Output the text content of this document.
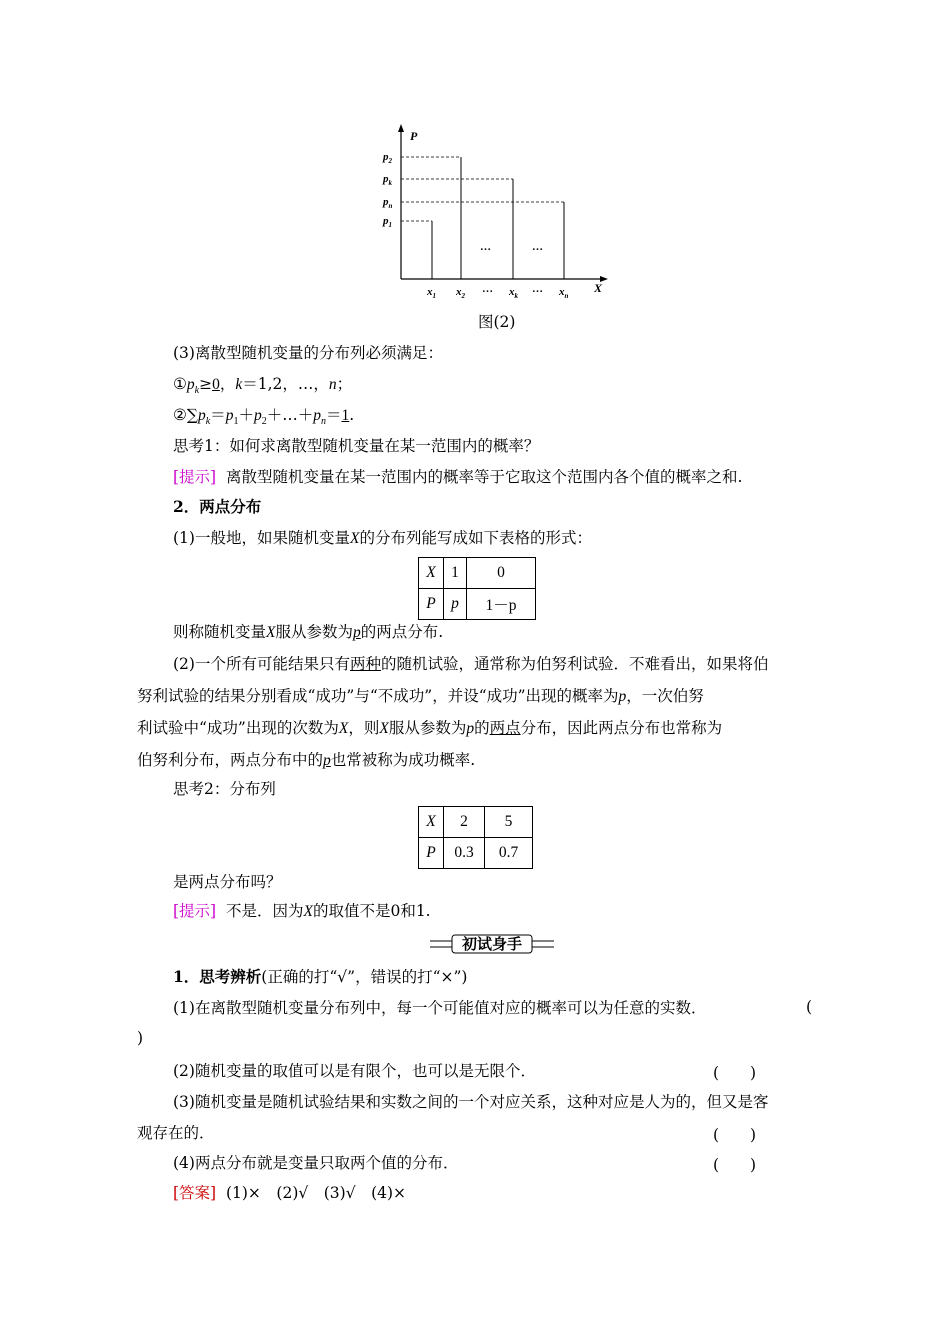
P
X
$p_2$
$p_k$
$p_n$
$p_1$
$x_1$ $x_2$
… $x_k$
… $x_n$
…	…
图(2)
(3)离散型随机变量的分布列必须满足：
$①p_k\ge 0$，k＝1,2，…，n；
$②\sum p_k=p_1+p_2+\dots+p_n=1$.
思考1：如何求离散型随机变量在某一范围内的概率？
[提示] 离散型随机变量在某一范围内的概率等于它取这个范围内各个值的概率之和.
2．两点分布
(1)一般地，如果随机变量X的分布列能写成如下表格的形式：
X	1	0
P	p	1－p
则称随机变量X服从参数为p的两点分布.
(2)一个所有可能结果只有两种的随机试验，通常称为伯努利试验．不难看出，如果将伯
努利试验的结果分别看成“成功”与“不成功”，并设“成功”出现的概率为p，一次伯努
利试验中“成功”出现的次数为X，则X服从参数为p的两点分布，因此两点分布也常称为
伯努利分布，两点分布中的p也常被称为成功概率.
思考2：分布列
X	2	5
P	0.3	0.7
是两点分布吗？
[提示] 不是．因为X的取值不是0和1.
初试身手
1．思考辨析(正确的打“√”，错误的打“×”)
(1)在离散型随机变量分布列中，每一个可能值对应的概率可以为任意的实数．	(
)
(2)随机变量的取值可以是有限个，也可以是无限个．	(　　)
(3)随机变量是随机试验结果和实数之间的一个对应关系，这种对应是人为的，但又是客
观存在的．	(　　)
(4)两点分布就是变量只取两个值的分布．	(　　)
[答案] (1)×　(2)√　(3)√　(4)×
